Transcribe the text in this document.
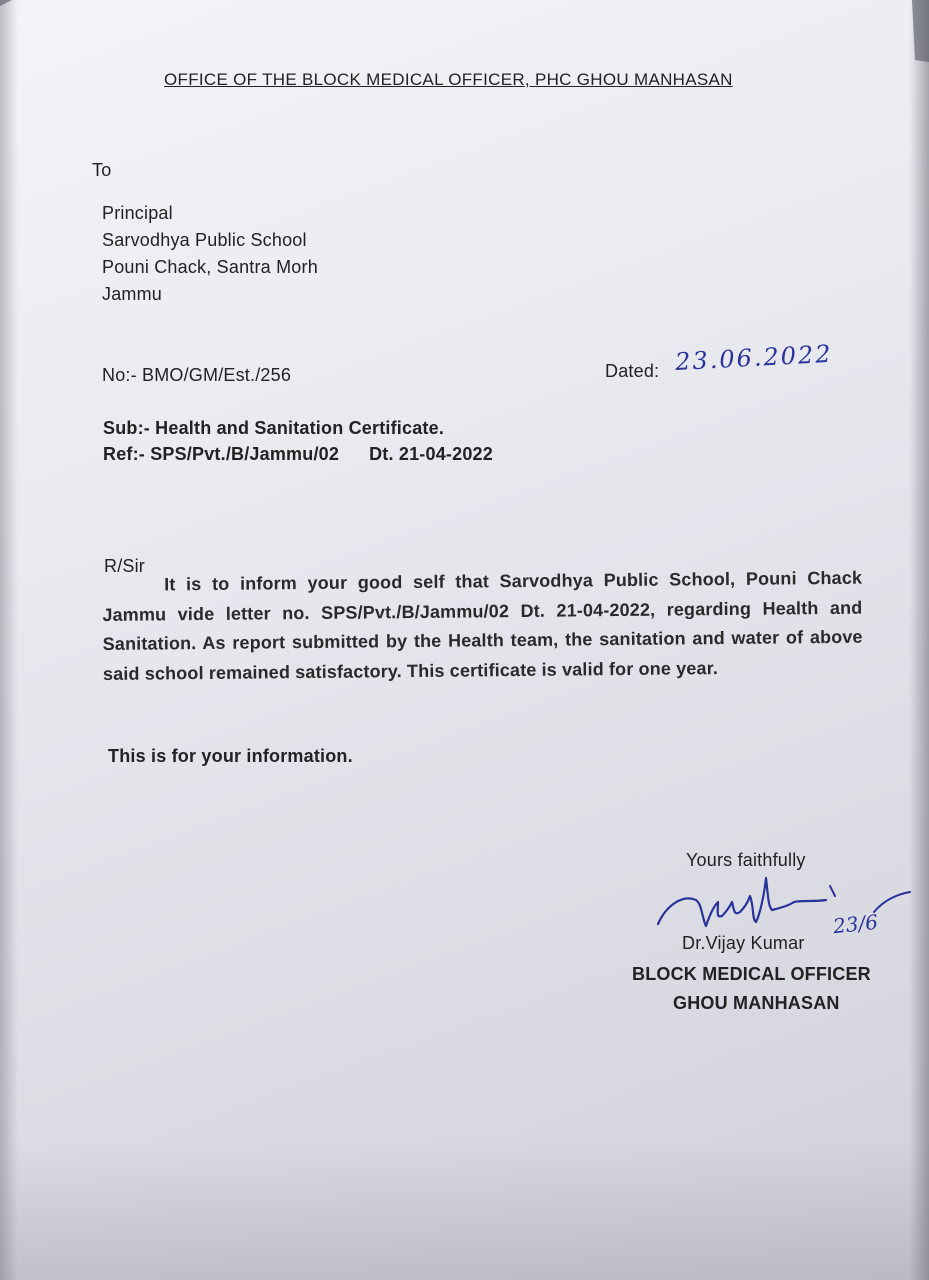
OFFICE OF THE BLOCK MEDICAL OFFICER, PHC GHOU MANHASAN
To
Principal
Sarvodhya Public School
Pouni Chack, Santra Morh
Jammu
No:- BMO/GM/Est./256	Dated: 23.06.2022
Sub:- Health and Sanitation Certificate.
Ref:- SPS/Pvt./B/Jammu/02 Dt. 21-04-2022
R/Sir
It is to inform your good self that Sarvodhya Public School, Pouni Chack Jammu vide letter no. SPS/Pvt./B/Jammu/02 Dt. 21-04-2022, regarding Health and Sanitation. As report submitted by the Health team, the sanitation and water of above said school remained satisfactory. This certificate is valid for one year.
This is for your information.
Yours faithfully
Dr.Vijay Kumar
23/6
BLOCK MEDICAL OFFICER
GHOU MANHASAN
